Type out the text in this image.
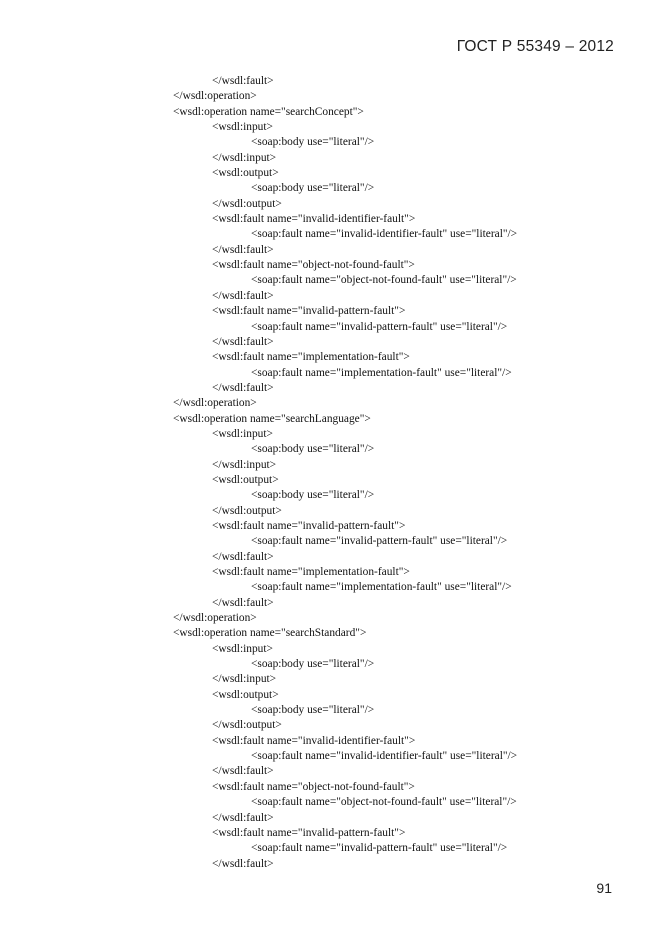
ГОСТ Р 55349 – 2012
</wsdl:fault>
</wsdl:operation>
<wsdl:operation name="searchConcept">
<wsdl:input>
<soap:body use="literal"/>
</wsdl:input>
<wsdl:output>
<soap:body use="literal"/>
</wsdl:output>
<wsdl:fault name="invalid-identifier-fault">
<soap:fault name="invalid-identifier-fault" use="literal"/>
</wsdl:fault>
<wsdl:fault name="object-not-found-fault">
<soap:fault name="object-not-found-fault" use="literal"/>
</wsdl:fault>
<wsdl:fault name="invalid-pattern-fault">
<soap:fault name="invalid-pattern-fault" use="literal"/>
</wsdl:fault>
<wsdl:fault name="implementation-fault">
<soap:fault name="implementation-fault" use="literal"/>
</wsdl:fault>
</wsdl:operation>
<wsdl:operation name="searchLanguage">
<wsdl:input>
<soap:body use="literal"/>
</wsdl:input>
<wsdl:output>
<soap:body use="literal"/>
</wsdl:output>
<wsdl:fault name="invalid-pattern-fault">
<soap:fault name="invalid-pattern-fault" use="literal"/>
</wsdl:fault>
<wsdl:fault name="implementation-fault">
<soap:fault name="implementation-fault" use="literal"/>
</wsdl:fault>
</wsdl:operation>
<wsdl:operation name="searchStandard">
<wsdl:input>
<soap:body use="literal"/>
</wsdl:input>
<wsdl:output>
<soap:body use="literal"/>
</wsdl:output>
<wsdl:fault name="invalid-identifier-fault">
<soap:fault name="invalid-identifier-fault" use="literal"/>
</wsdl:fault>
<wsdl:fault name="object-not-found-fault">
<soap:fault name="object-not-found-fault" use="literal"/>
</wsdl:fault>
<wsdl:fault name="invalid-pattern-fault">
<soap:fault name="invalid-pattern-fault" use="literal"/>
</wsdl:fault>
91
